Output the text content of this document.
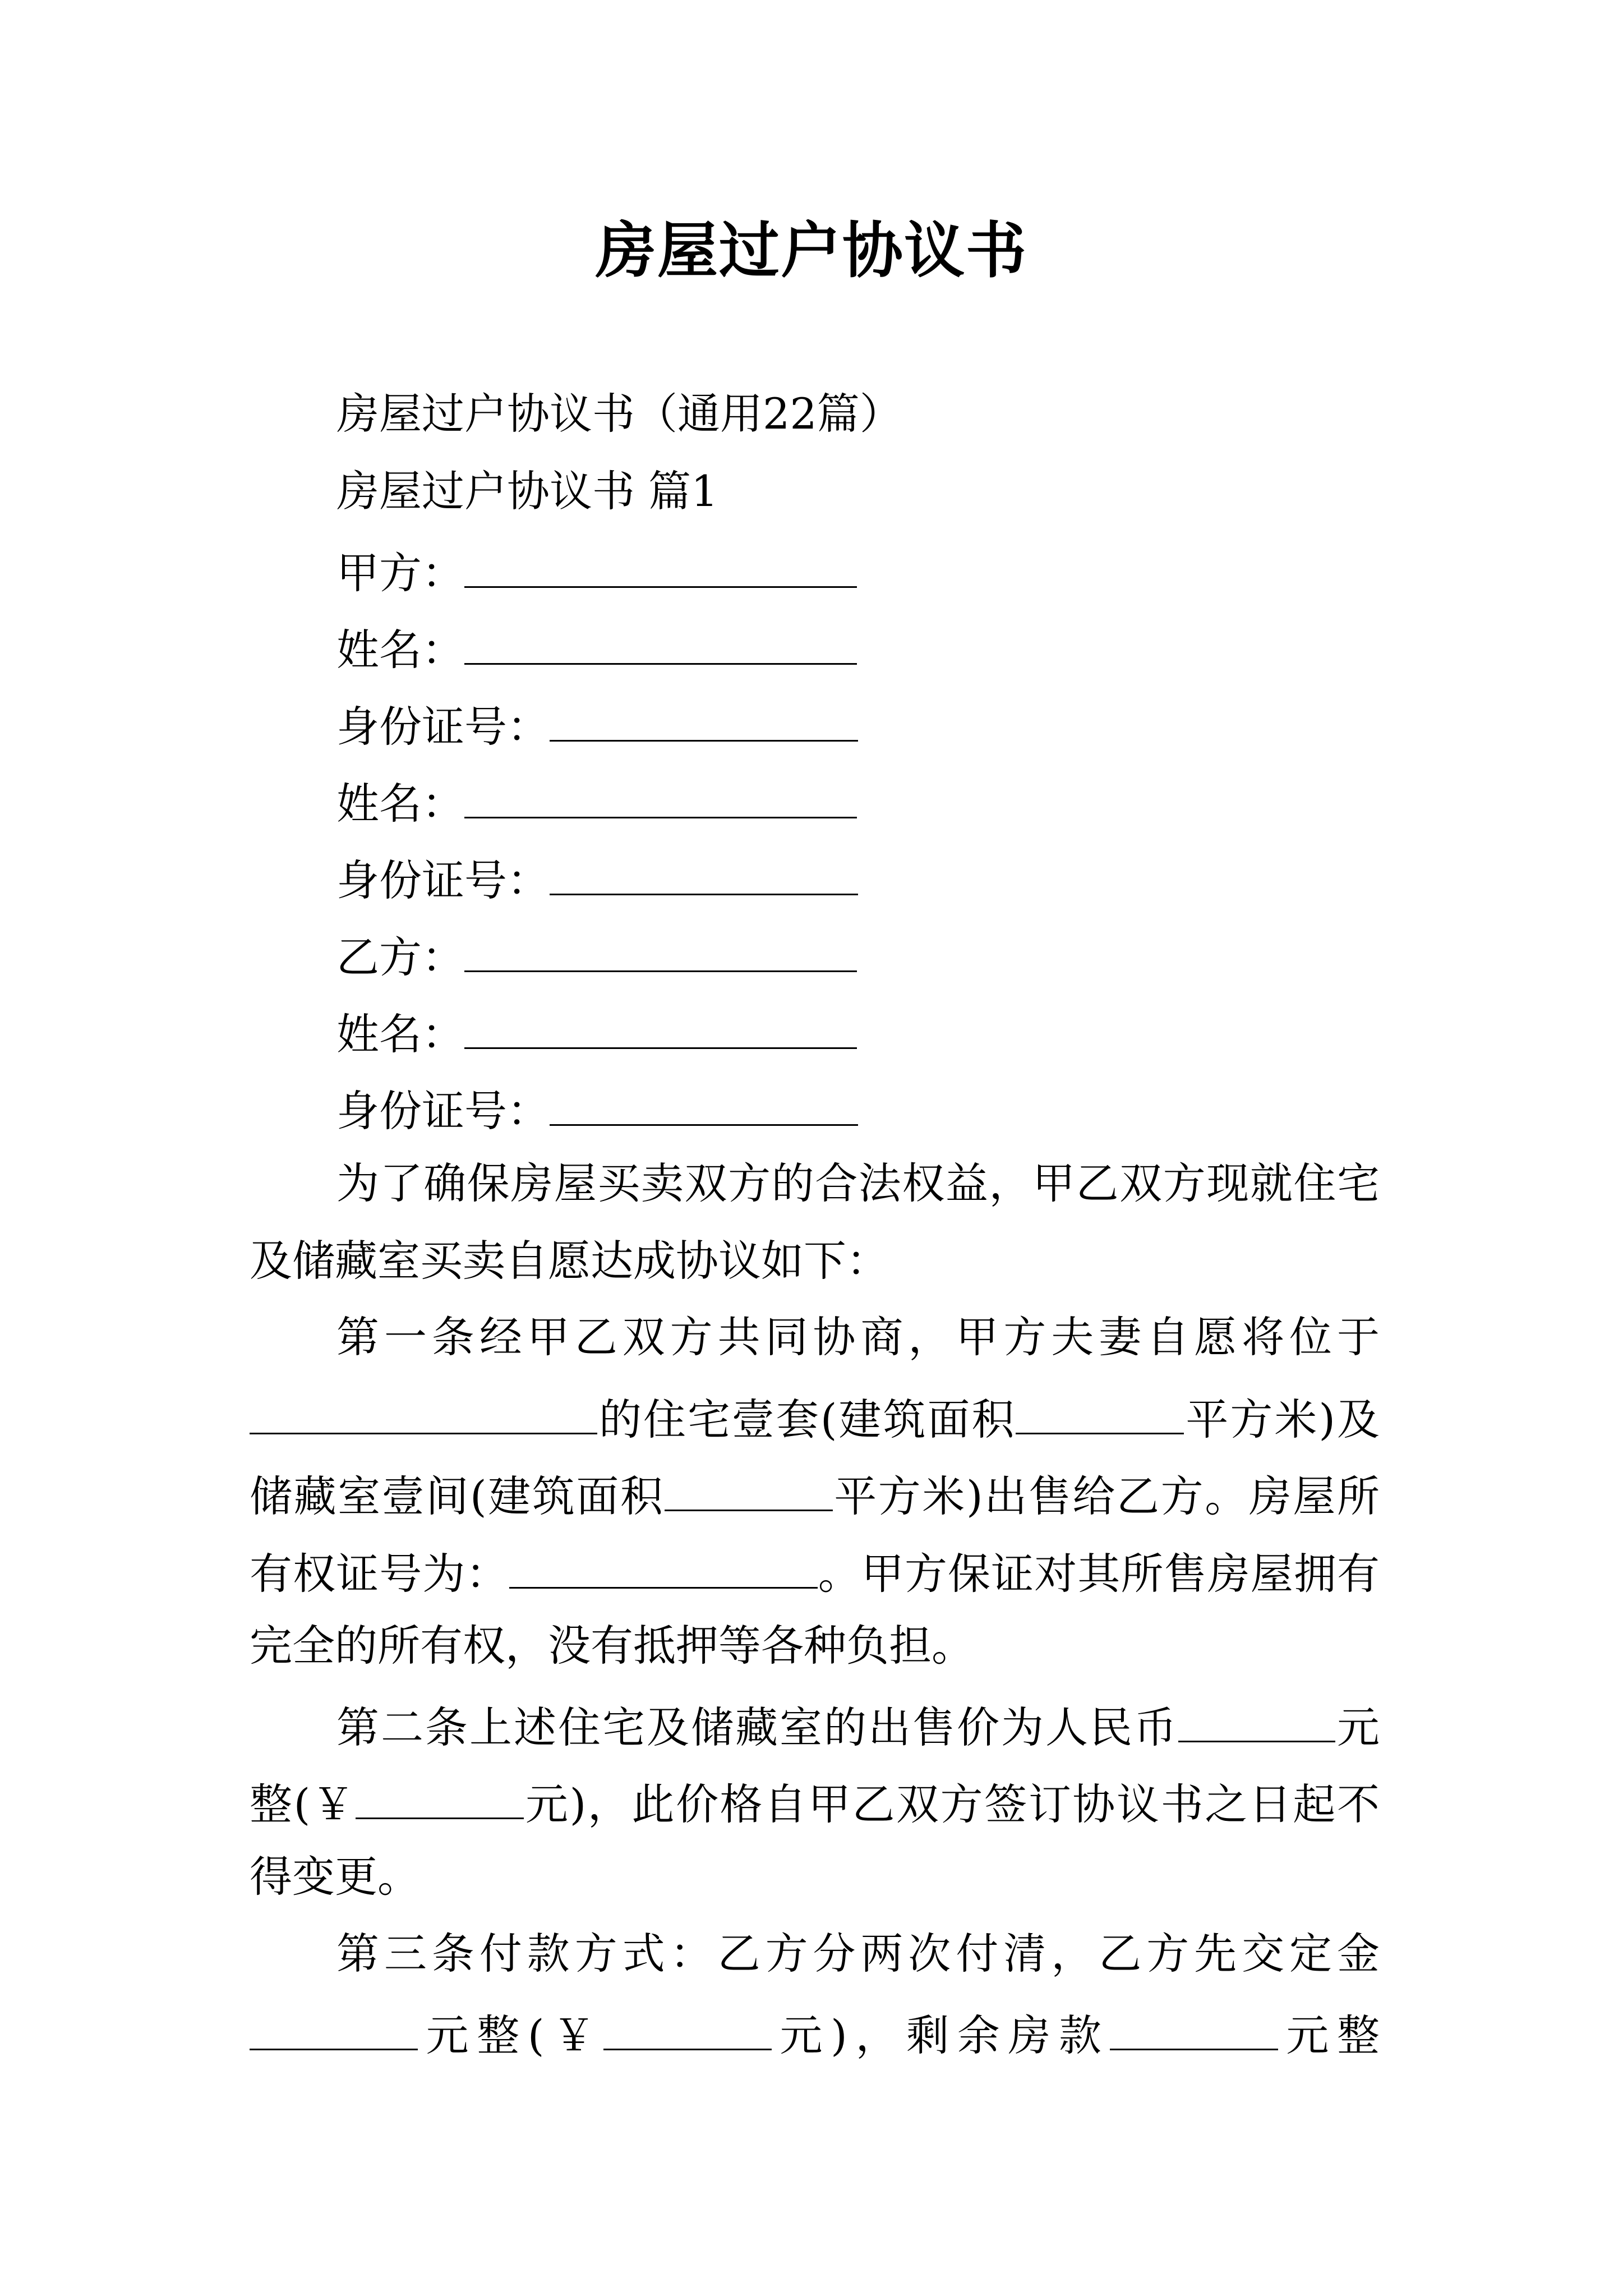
房屋过户协议书

房屋过户协议书（通用22篇）

房屋过户协议书 篇1

甲方：

姓名：

身份证号：

姓名：

身份证号：

乙方：

姓名：

身份证号：

为了确保房屋买卖双方的合法权益，甲乙双方现就住宅

及储藏室买卖自愿达成协议如下：

第一条经甲乙双方共同协商，甲方夫妻自愿将位于

的住宅壹套(建筑面积	平方米)及

储藏室壹间(建筑面积	平方米)出售给乙方。房屋所

有权证号为：	。甲方保证对其所售房屋拥有

完全的所有权，没有抵押等各种负担。

第二条上述住宅及储藏室的出售价为人民币	元

整(￥	元)，此价格自甲乙双方签订协议书之日起不

得变更。

第三条付款方式：乙方分两次付清，乙方先交定金

元整(￥	元)，剩余房款	元整
